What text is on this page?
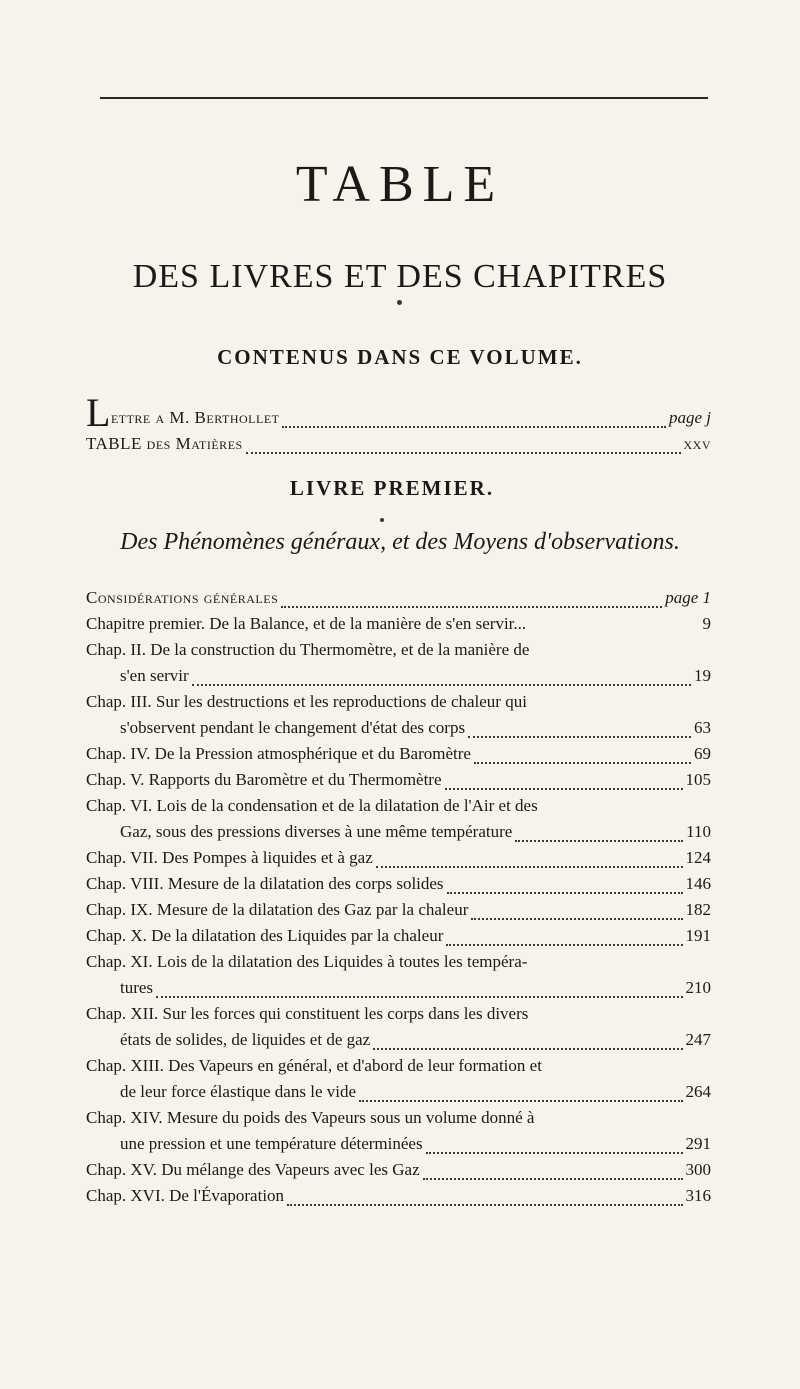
TABLE
DES LIVRES ET DES CHAPITRES
CONTENUS DANS CE VOLUME.
Lettre a M. Berthollet	page j
TABLE des Matières	xxv
LIVRE PREMIER.
Des Phénomènes généraux, et des Moyens d'observations.
Considérations générales	page 1
Chapitre premier. De la Balance, et de la manière de s'en servir...	9
Chap. II. De la construction du Thermomètre, et de la manière de
s'en servir	19
Chap. III. Sur les destructions et les reproductions de chaleur qui
s'observent pendant le changement d'état des corps	63
Chap. IV. De la Pression atmosphérique et du Baromètre	69
Chap. V. Rapports du Baromètre et du Thermomètre	105
Chap. VI. Lois de la condensation et de la dilatation de l'Air et des
Gaz, sous des pressions diverses à une même température	110
Chap. VII. Des Pompes à liquides et à gaz	124
Chap. VIII. Mesure de la dilatation des corps solides	146
Chap. IX. Mesure de la dilatation des Gaz par la chaleur	182
Chap. X. De la dilatation des Liquides par la chaleur	191
Chap. XI. Lois de la dilatation des Liquides à toutes les tempéra-
tures	210
Chap. XII. Sur les forces qui constituent les corps dans les divers
états de solides, de liquides et de gaz	247
Chap. XIII. Des Vapeurs en général, et d'abord de leur formation et
de leur force élastique dans le vide	264
Chap. XIV. Mesure du poids des Vapeurs sous un volume donné à
une pression et une température déterminées	291
Chap. XV. Du mélange des Vapeurs avec les Gaz	300
Chap. XVI. De l'Évaporation	316
